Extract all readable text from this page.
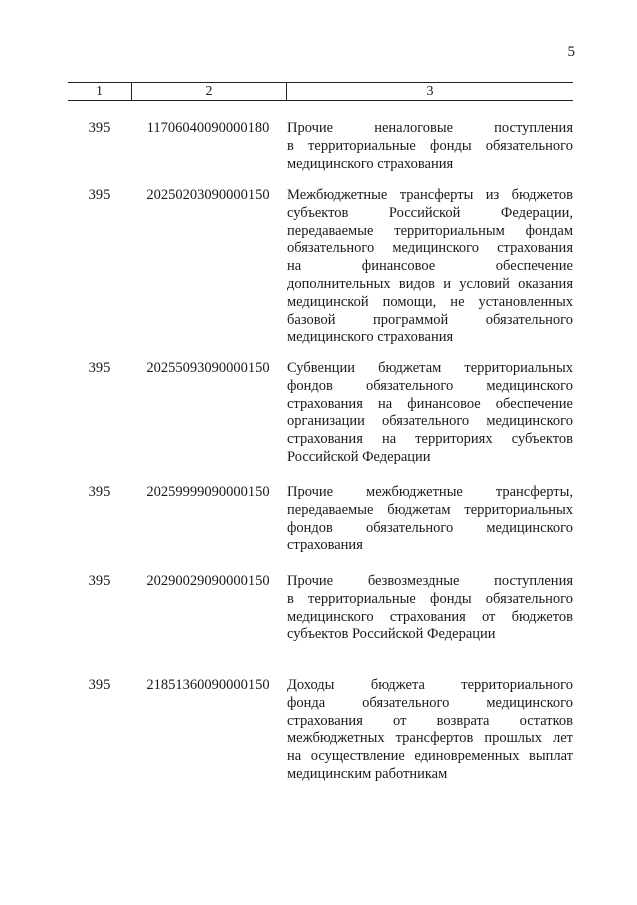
5
1	2	3
395	11706040090000180	Прочие неналоговые поступления
в территориальные фонды обязательного
медицинского страхования
395	20250203090000150	Межбюджетные трансферты из бюджетов
субъектов Российской Федерации,
передаваемые территориальным фондам
обязательного медицинского страхования
на финансовое обеспечение
дополнительных видов и условий оказания
медицинской помощи, не установленных
базовой программой обязательного
медицинского страхования
395	20255093090000150	Субвенции бюджетам территориальных
фондов обязательного медицинского
страхования на финансовое обеспечение
организации обязательного медицинского
страхования на территориях субъектов
Российской Федерации
395	20259999090000150	Прочие межбюджетные трансферты,
передаваемые бюджетам территориальных
фондов обязательного медицинского
страхования
395	20290029090000150	Прочие безвозмездные поступления
в территориальные фонды обязательного
медицинского страхования от бюджетов
субъектов Российской Федерации
395	21851360090000150	Доходы бюджета территориального
фонда обязательного медицинского
страхования от возврата остатков
межбюджетных трансфертов прошлых лет
на осуществление единовременных выплат
медицинским работникам
